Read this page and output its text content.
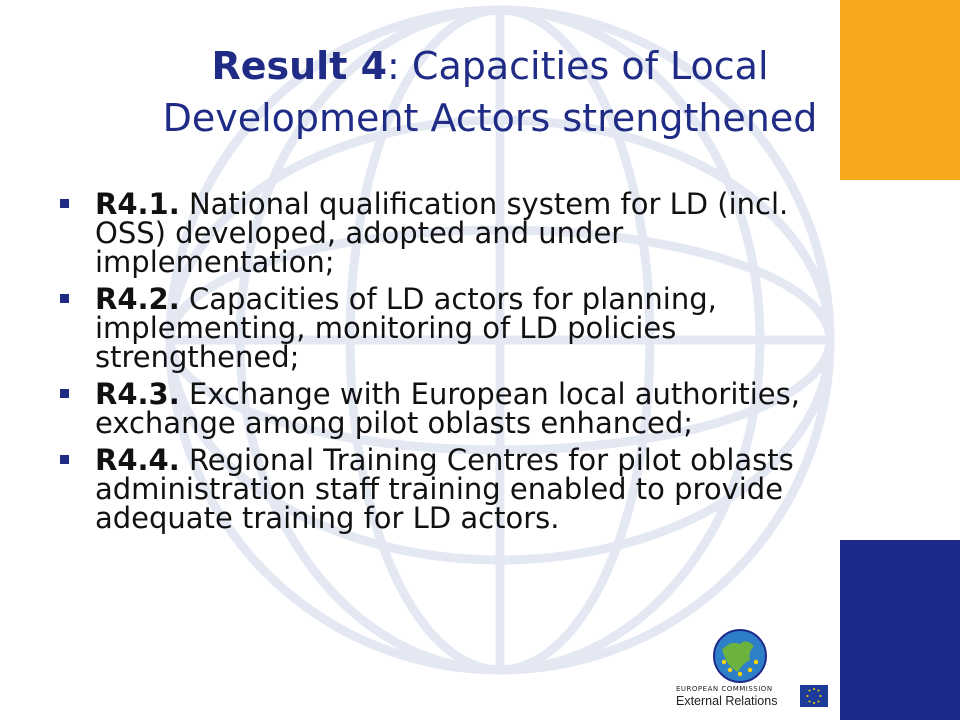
Result 4: Capacities of Local Development Actors strengthened
R4.1. National qualification system for LD (incl. OSS) developed, adopted and under implementation;
R4.2. Capacities of LD actors for planning, implementing, monitoring of LD policies strengthened;
R4.3. Exchange with European local authorities, exchange among pilot oblasts enhanced;
R4.4. Regional Training Centres for pilot oblasts administration staff training enabled to provide adequate training for LD actors.
EUROPEAN COMMISSION
External Relations
